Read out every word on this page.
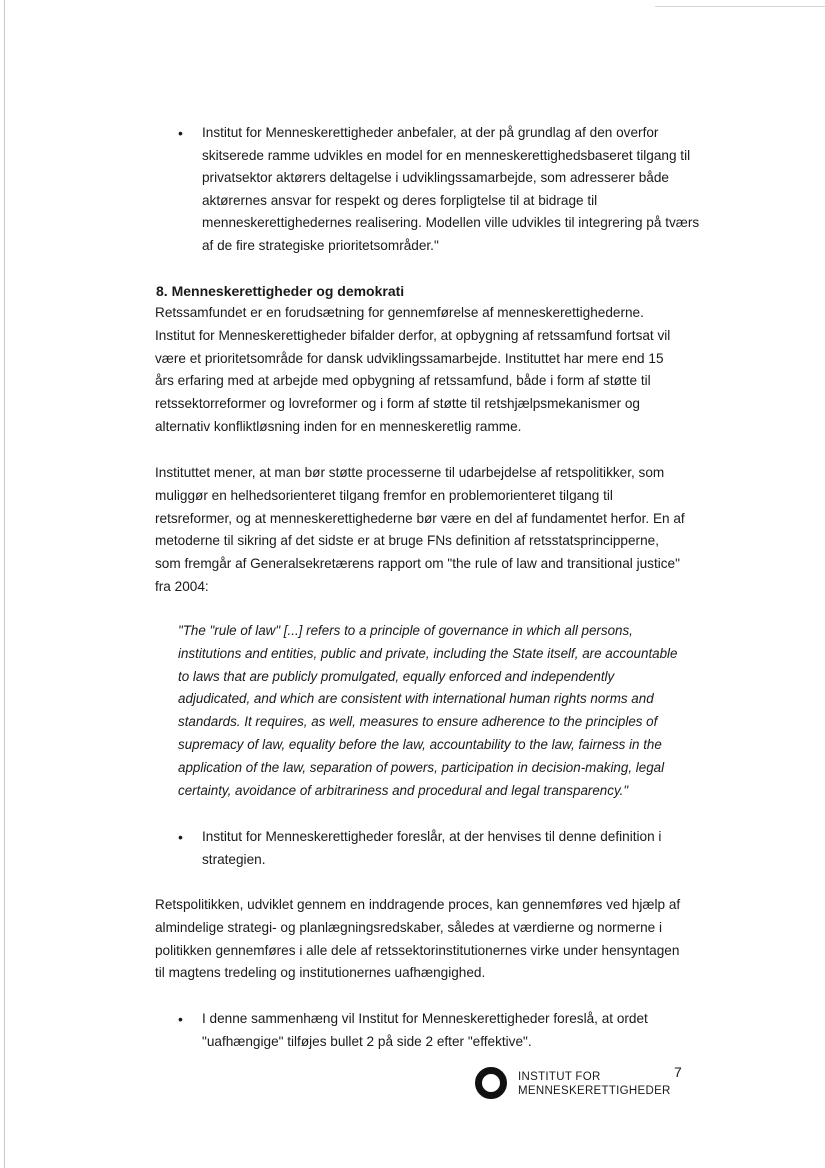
• Institut for Menneskerettigheder anbefaler, at der på grundlag af den overfor skitserede ramme udvikles en model for en menneskerettighedsbaseret tilgang til privatsektor aktørers deltagelse i udviklingssamarbejde, som adresserer både aktørernes ansvar for respekt og deres forpligtelse til at bidrage til menneskerettighedernes realisering. Modellen ville udvikles til integrering på tværs af de fire strategiske prioritetsområder."
8. Menneskerettigheder og demokrati
Retssamfundet er en forudsætning for gennemførelse af menneskerettighederne. Institut for Menneskerettigheder bifalder derfor, at opbygning af retssamfund fortsat vil være et prioritetsområde for dansk udviklingssamarbejde. Instituttet har mere end 15 års erfaring med at arbejde med opbygning af retssamfund, både i form af støtte til retssektorreformer og lovreformer og i form af støtte til retshjælpsmekanismer og alternativ konfliktløsning inden for en menneskeretlig ramme.
Instituttet mener, at man bør støtte processerne til udarbejdelse af retspolitikker, som muliggør en helhedsorienteret tilgang fremfor en problemorienteret tilgang til retsreformer, og at menneskerettighederne bør være en del af fundamentet herfor. En af metoderne til sikring af det sidste er at bruge FNs definition af retsstatsprincipperne, som fremgår af Generalsekretærens rapport om "the rule of law and transitional justice" fra 2004:
"The "rule of law" [...] refers to a principle of governance in which all persons, institutions and entities, public and private, including the State itself, are accountable to laws that are publicly promulgated, equally enforced and independently adjudicated, and which are consistent with international human rights norms and standards. It requires, as well, measures to ensure adherence to the principles of supremacy of law, equality before the law, accountability to the law, fairness in the application of the law, separation of powers, participation in decision-making, legal certainty, avoidance of arbitrariness and procedural and legal transparency."
• Institut for Menneskerettigheder foreslår, at der henvises til denne definition i strategien.
Retspolitikken, udviklet gennem en inddragende proces, kan gennemføres ved hjælp af almindelige strategi- og planlægningsredskaber, således at værdierne og normerne i politikken gennemføres i alle dele af retssektorinstitutionernes virke under hensyntagen til magtens tredeling og institutionernes uafhængighed.
• I denne sammenhæng vil Institut for Menneskerettigheder foreslå, at ordet "uafhængige" tilføjes bullet 2 på side 2 efter "effektive".
INSTITUT FOR
MENNESKERETTIGHEDER
7
